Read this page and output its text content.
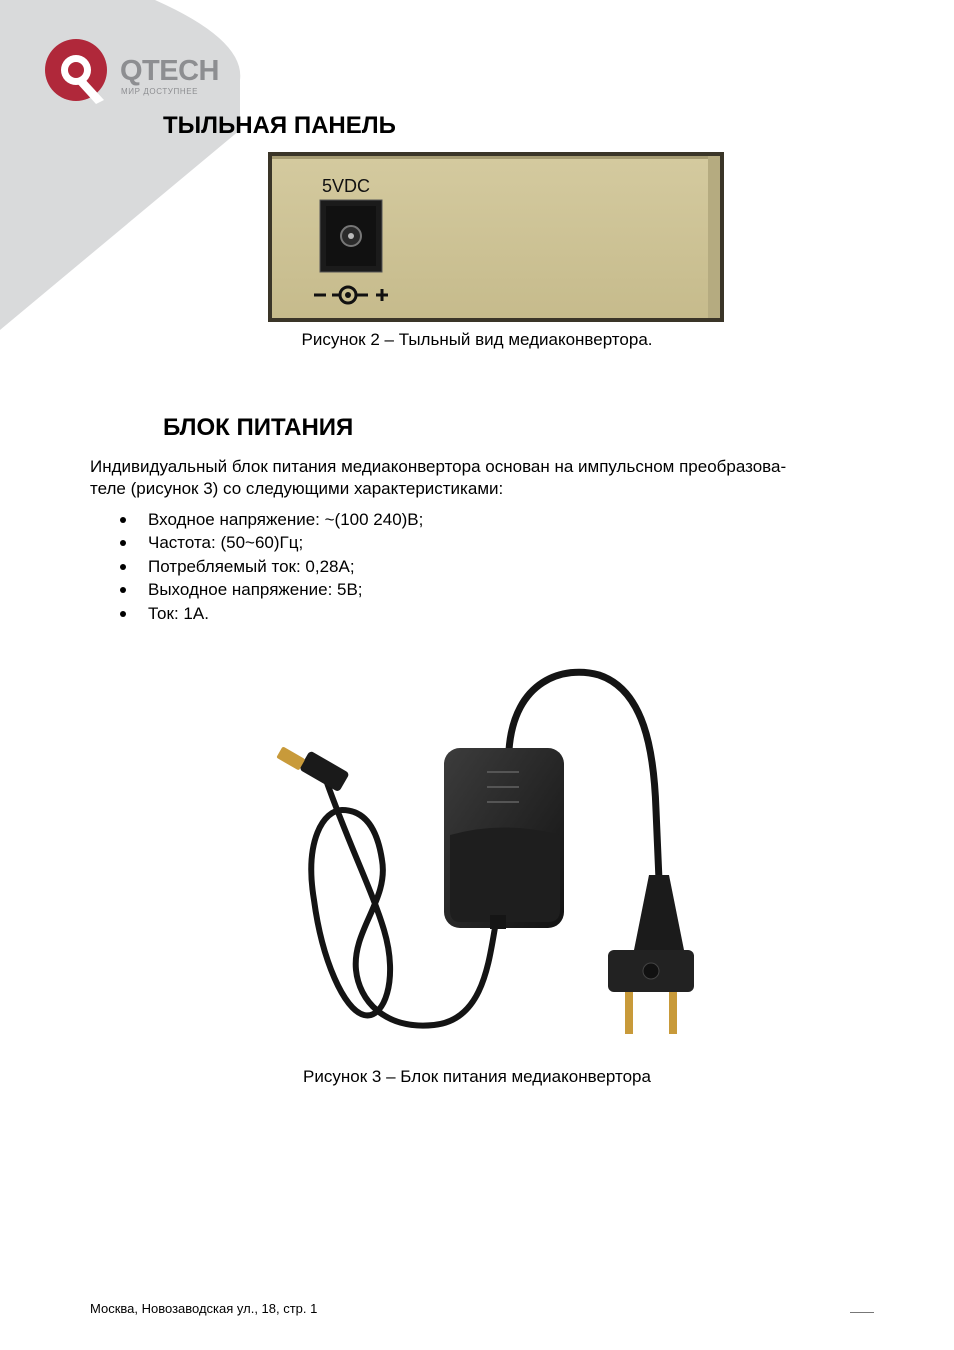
QTECH
МИР ДОСТУПНЕЕ
ТЫЛЬНАЯ ПАНЕЛЬ
5VDC
Рисунок 2 – Тыльный вид медиаконвертора.
БЛОК ПИТАНИЯ

Индивидуальный блок питания медиаконвертора основан на импульсном преобразова-
теле (рисунок 3) со следующими характеристиками:

Входное напряжение: ~(100 240)В;
Частота: (50~60)Гц;
Потребляемый ток: 0,28А;
Выходное напряжение: 5В;
Ток: 1А.
Рисунок 3 – Блок питания медиаконвертора
Москва, Новозаводская ул., 18, стр. 1
